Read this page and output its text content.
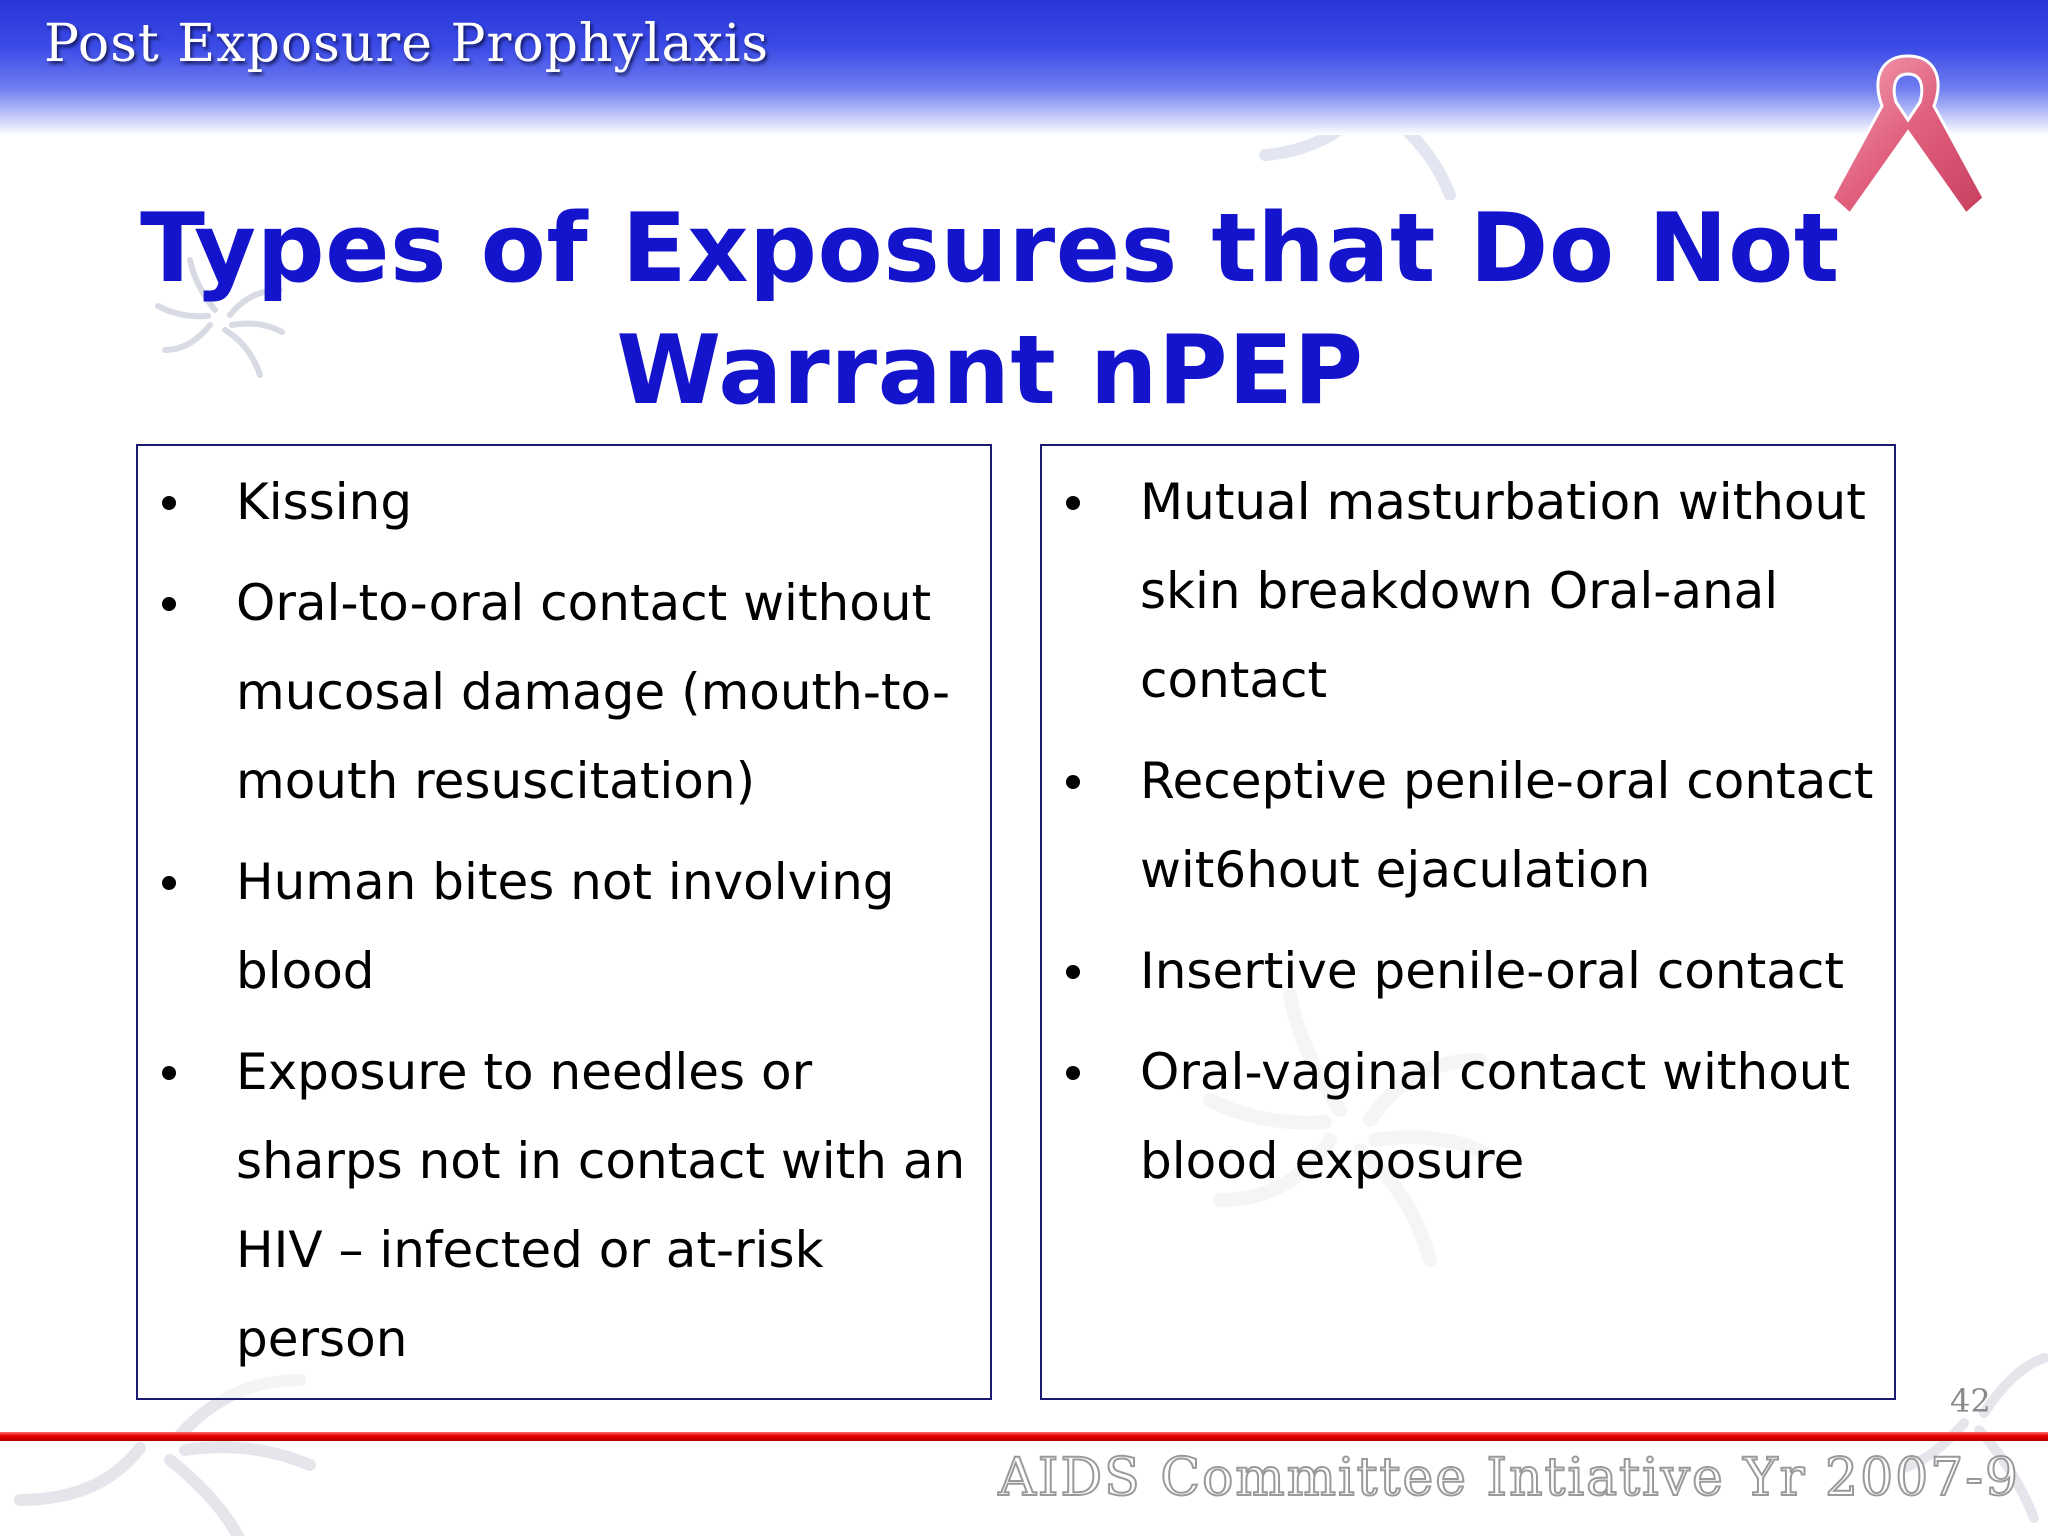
Post Exposure Prophylaxis
Types of Exposures that Do Not
Warrant nPEP
Kissing
Oral-to-oral contact without mucosal damage (mouth-to-mouth resuscitation)
Human bites not involving blood
Exposure to needles or sharps not in contact with an HIV – infected or at-risk person
Mutual masturbation without skin breakdown Oral-anal contact
Receptive penile-oral contact wit6hout ejaculation
Insertive penile-oral contact
Oral-vaginal contact without blood exposure
42
AIDS Committee Intiative Yr 2007-9
